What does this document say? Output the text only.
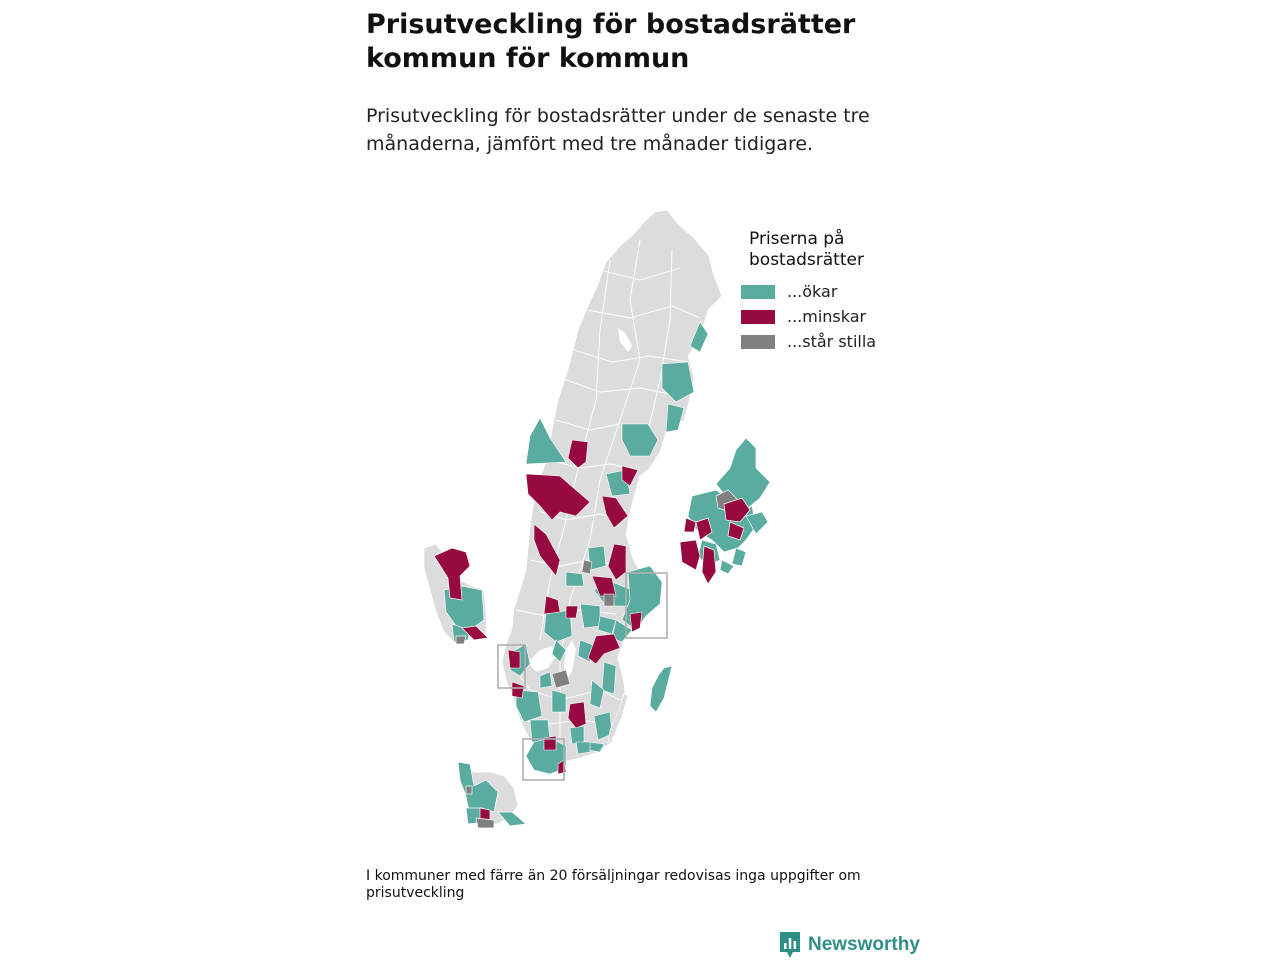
Prisutveckling för bostadsrätter kommun för kommun

Prisutveckling för bostadsrätter under de senaste tre månaderna, jämfört med tre månader tidigare.

Priserna på bostadsrätter
...ökar
...minskar
...står stilla
I kommuner med färre än 20 försäljningar redovisas inga uppgifter om prisutveckling
Newsworthy
